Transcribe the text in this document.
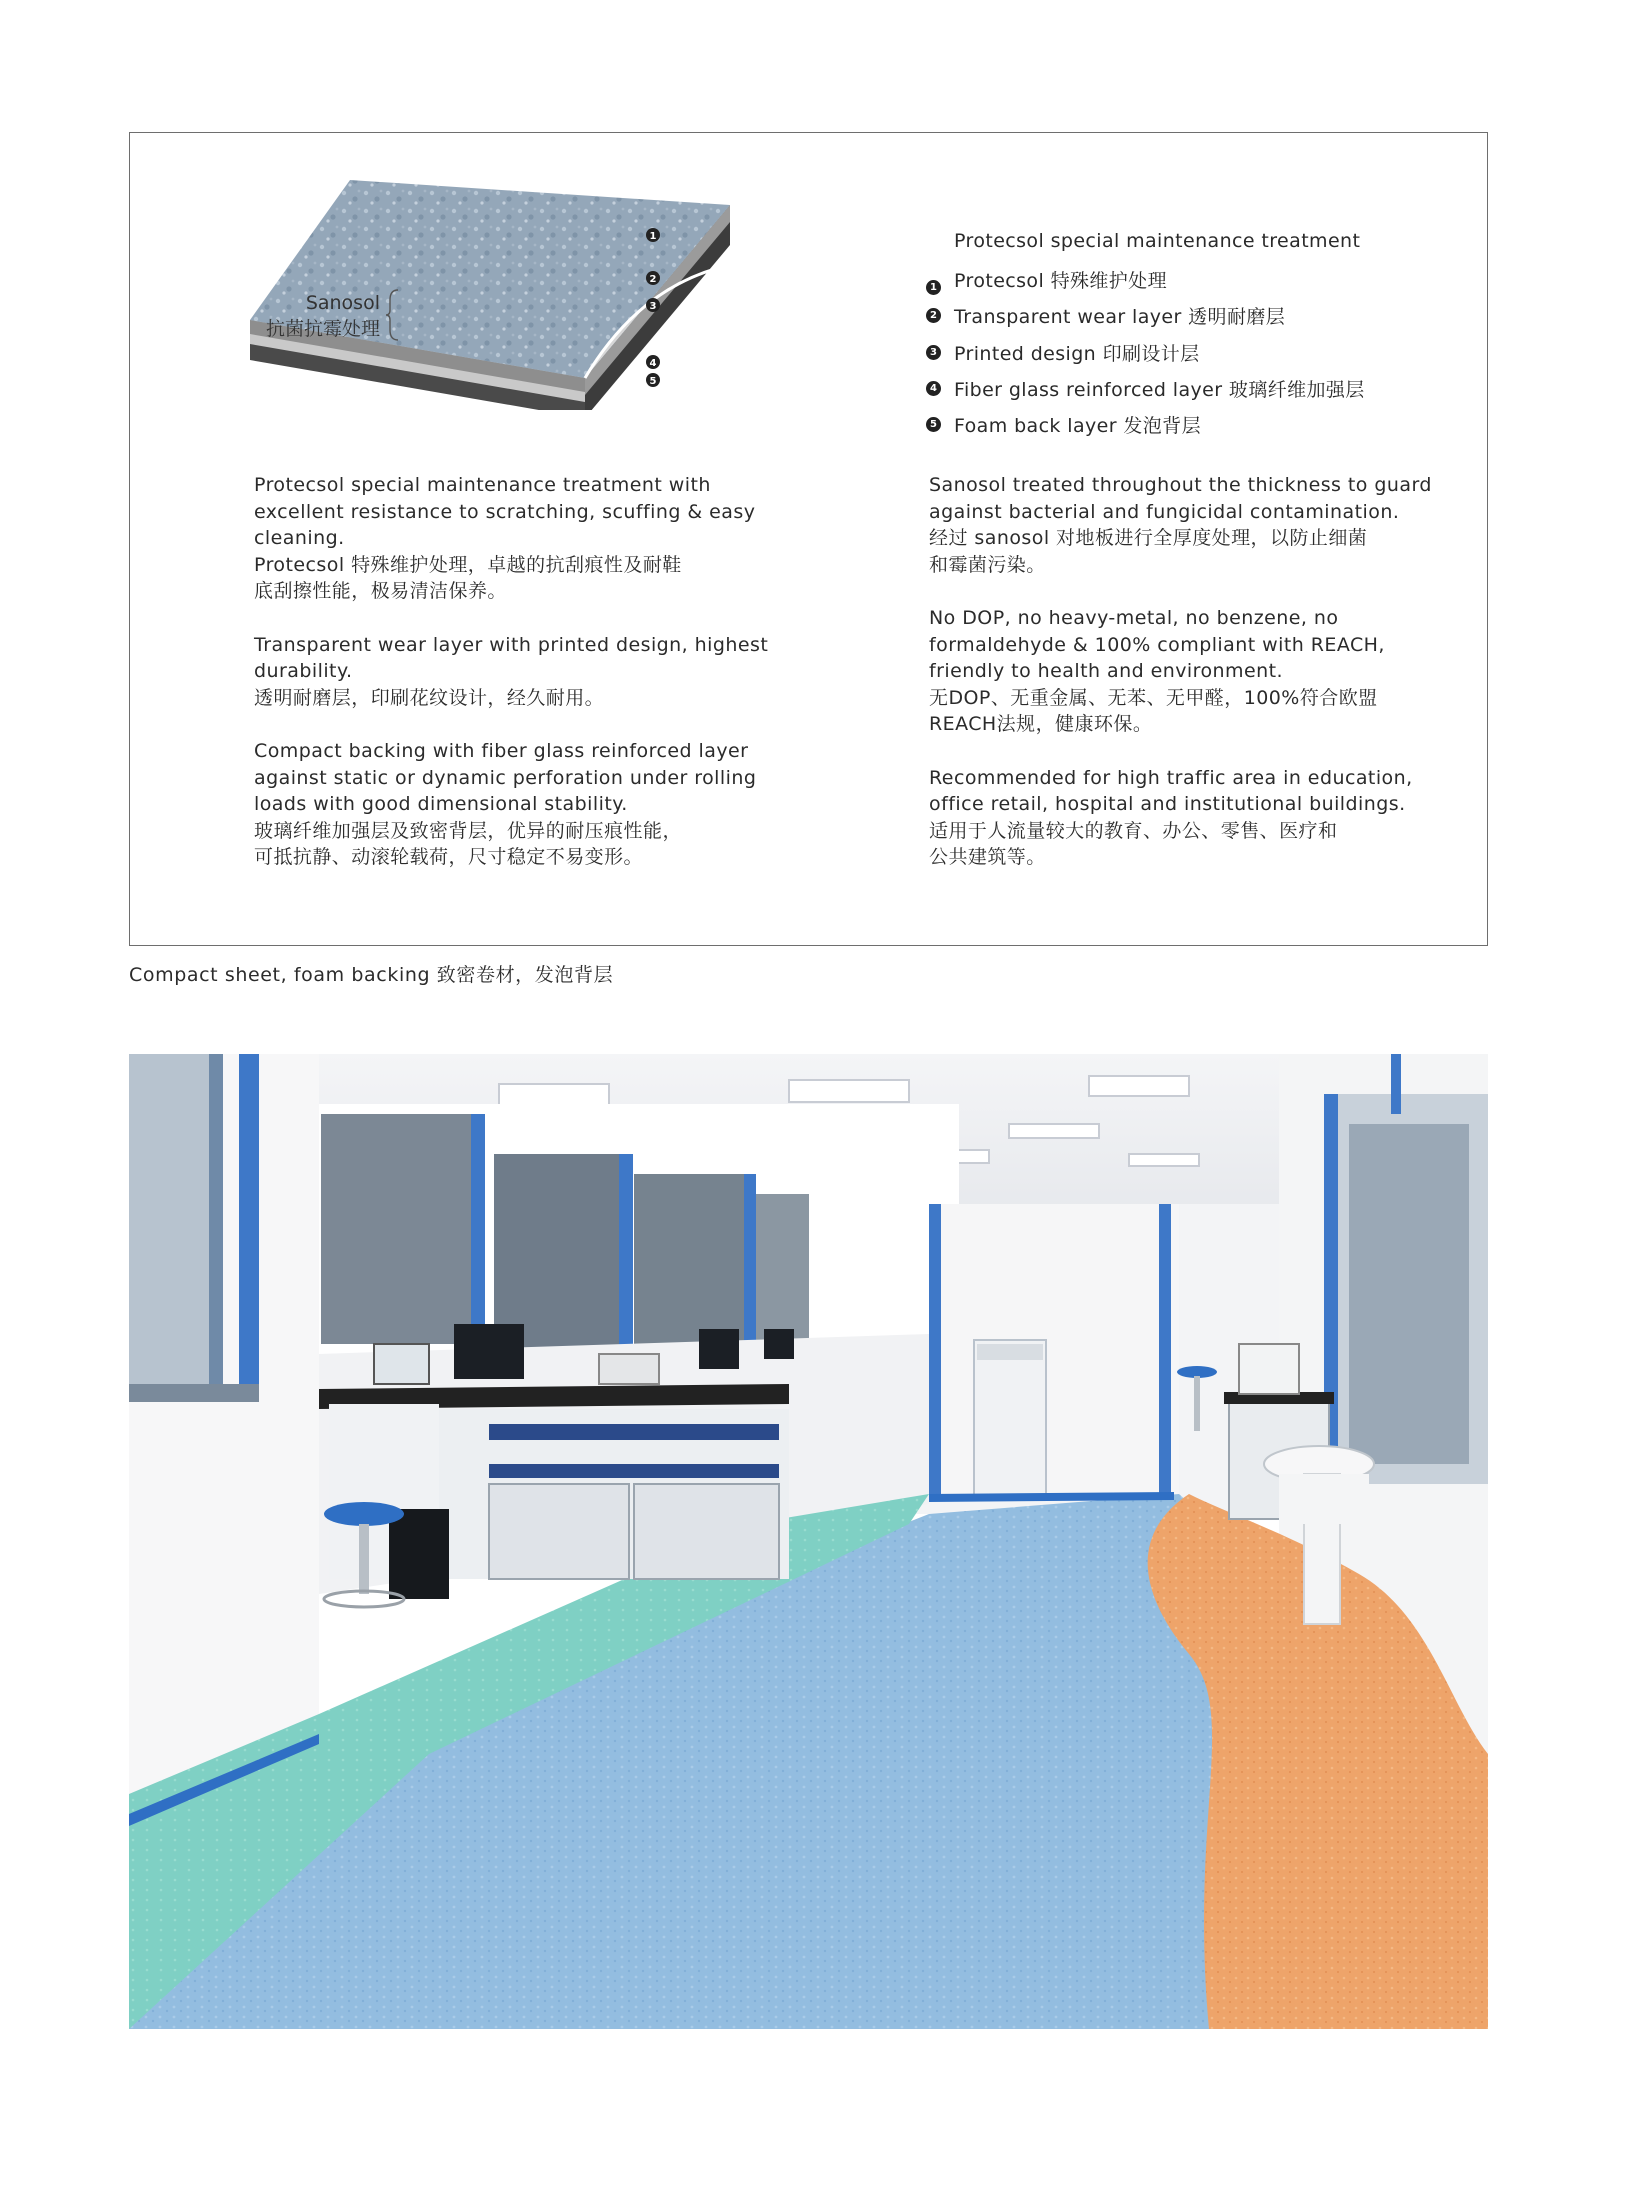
1
2
3
4
5
Sanosol
抗菌抗霉处理
Protecsol special maintenance treatment
1 Protecsol 特殊维护处理
2 Transparent wear layer 透明耐磨层
3 Printed design 印刷设计层
4 Fiber glass reinforced layer 玻璃纤维加强层
5 Foam back layer 发泡背层

Protecsol special maintenance treatment with

excellent resistance to scratching, scuffing & easy

cleaning.

Protecsol 特殊维护处理，卓越的抗刮痕性及耐鞋

底刮擦性能，极易清洁保养。

Transparent wear layer with printed design, highest

durability.

透明耐磨层，印刷花纹设计，经久耐用。

Compact backing with fiber glass reinforced layer

against static or dynamic perforation under rolling

loads with good dimensional stability.

玻璃纤维加强层及致密背层，优异的耐压痕性能，

可抵抗静、动滚轮载荷，尺寸稳定不易变形。

Sanosol treated throughout the thickness to guard

against bacterial and fungicidal contamination.

经过 sanosol 对地板进行全厚度处理，以防止细菌

和霉菌污染。

No DOP, no heavy-metal, no benzene, no

formaldehyde & 100% compliant with REACH,

friendly to health and environment.

无DOP、无重金属、无苯、无甲醛，100%符合欧盟

REACH法规，健康环保。

Recommended for high traffic area in education,

office retail, hospital and institutional buildings.

适用于人流量较大的教育、办公、零售、医疗和

公共建筑等。

Compact sheet, foam backing 致密卷材，发泡背层
